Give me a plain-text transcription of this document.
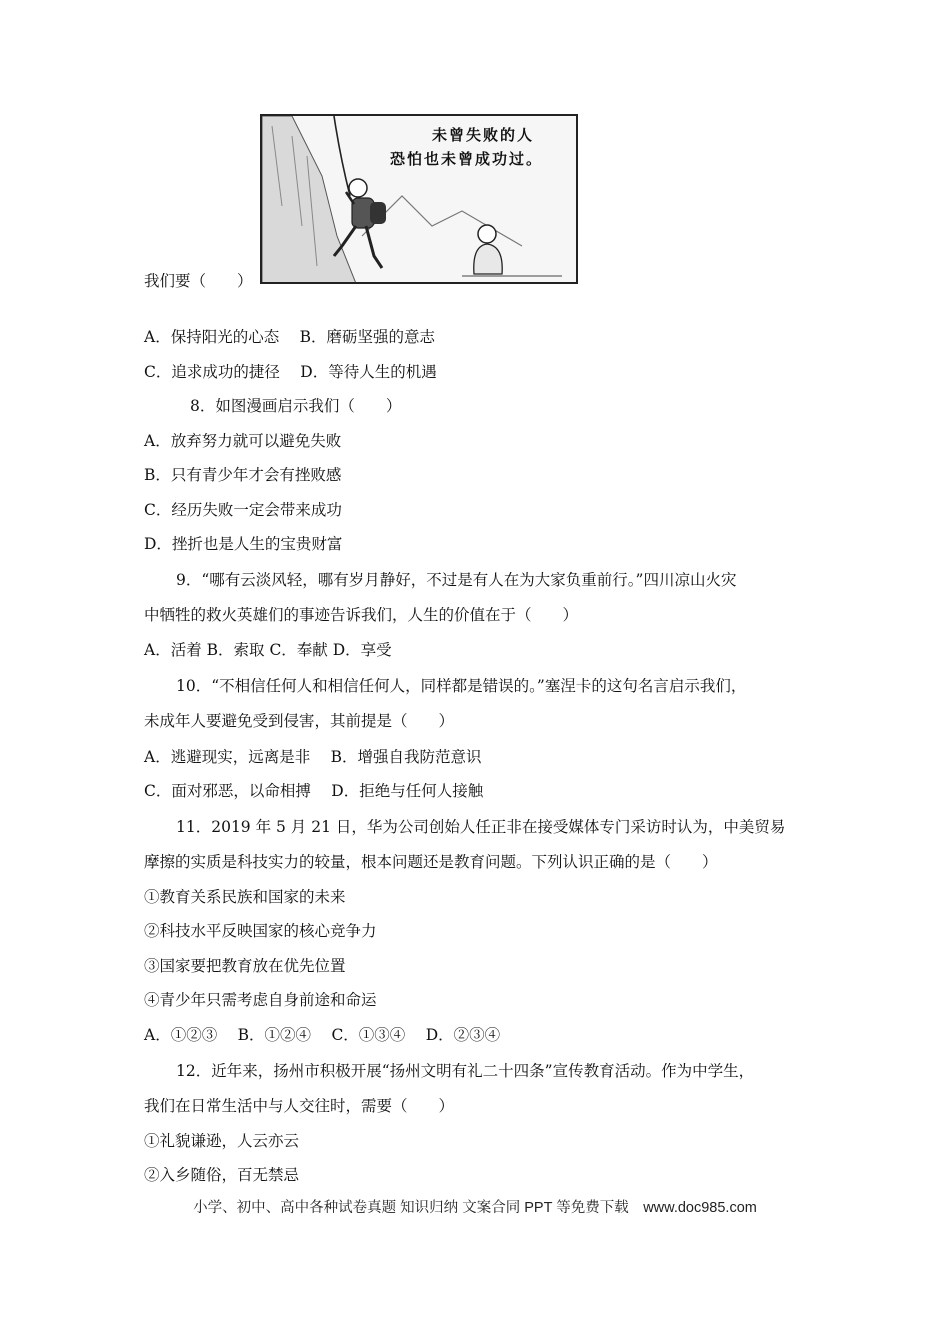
未曾失败的人
恐怕也未曾成功过。
我们要（　　）
A．保持阳光的心态　 B．磨砺坚强的意志
C．追求成功的捷径　 D．等待人生的机遇
8．如图漫画启示我们（　　）
A．放弃努力就可以避免失败
B．只有青少年才会有挫败感
C．经历失败一定会带来成功
D．挫折也是人生的宝贵财富
9．“哪有云淡风轻，哪有岁月静好，不过是有人在为大家负重前行。”四川凉山火灾
中牺牲的救火英雄们的事迹告诉我们，人生的价值在于（　　）
A．活着 B．索取 C．奉献 D．享受
10．“不相信任何人和相信任何人，同样都是错误的。”塞涅卡的这句名言启示我们，
未成年人要避免受到侵害，其前提是（　　）
A．逃避现实，远离是非　 B．增强自我防范意识
C．面对邪恶，以命相搏　 D．拒绝与任何人接触
11．2019 年 5 月 21 日，华为公司创始人任正非在接受媒体专门采访时认为，中美贸易
摩擦的实质是科技实力的较量，根本问题还是教育问题。下列认识正确的是（　　）
①教育关系民族和国家的未来
②科技水平反映国家的核心竞争力
③国家要把教育放在优先位置
④青少年只需考虑自身前途和命运
A．①②③　 B．①②④　 C．①③④　 D．②③④
12．近年来，扬州市积极开展“扬州文明有礼二十四条”宣传教育活动。作为中学生，
我们在日常生活中与人交往时，需要（　　）
①礼貌谦逊，人云亦云
②入乡随俗，百无禁忌
小学、初中、高中各种试卷真题 知识归纳 文案合同 PPT 等免费下载　www.doc985.com
